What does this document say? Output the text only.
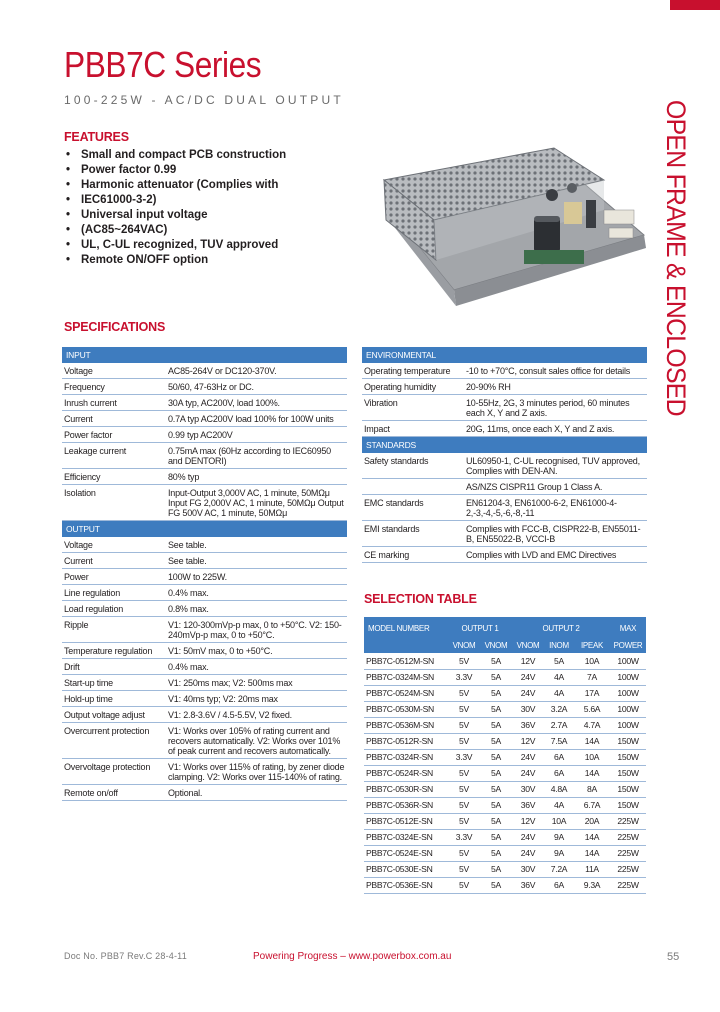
PBB7C Series
100-225W - AC/DC DUAL OUTPUT	OPEN FRAME & ENCLOSED
FEATURES
• Small and compact PCB construction
• Power factor 0.99
• Harmonic attenuator (Complies with
• IEC61000-3-2)
• Universal input voltage
• (AC85~264VAC)
• UL, C-UL recognized, TUV approved
• Remote ON/OFF option
SPECIFICATIONS
INPUT	
Voltage	AC85-264V or DC120-370V.
Frequency	50/60, 47-63Hz or DC.
Inrush current	30A typ, AC200V, load 100%.
Current	0.7A typ AC200V load 100% for 100W units
Power factor	0.99 typ AC200V
Leakage current	0.75mA max (60Hz according to IEC60950 and DENTORI)
Efficiency	80% typ
Isolation	Input-Output 3,000V AC, 1 minute, 50MΩμ Input FG 2,000V AC, 1 minute, 50MΩμ Output FG 500V AC, 1 minute, 50MΩμ
OUTPUT	
Voltage	See table.
Current	See table.
Power	100W to 225W.
Line regulation	0.4% max.
Load regulation	0.8% max.
Ripple	V1: 120-300mVp-p max, 0 to +50°C. V2: 150-240mVp-p max, 0 to +50°C.
Temperature regulation	V1: 50mV max, 0 to +50°C.
Drift	0.4% max.
Start-up time	V1: 250ms max; V2: 500ms max
Hold-up time	V1: 40ms typ; V2: 20ms max
Output voltage adjust	V1: 2.8-3.6V / 4.5-5.5V, V2 fixed.
Overcurrent protection	V1: Works over 105% of rating current and recovers automatically. V2: Works over 101% of peak current and recovers automatically.
Overvoltage protection	V1: Works over 115% of rating, by zener diode clamping. V2: Works over 115-140% of rating.
Remote on/off	Optional.
ENVIRONMENTAL	
Operating temperature	-10 to +70°C, consult sales office for details
Operating humidity	20-90% RH
Vibration	10-55Hz, 2G, 3 minutes period, 60 minutes each X, Y and Z axis.
Impact	20G, 11ms, once each X, Y and Z axis.
STANDARDS	
Safety standards	UL60950-1, C-UL recognised, TUV approved, Complies with DEN-AN.
	AS/NZS CISPR11 Group 1 Class A.
EMC standards	EN61204-3, EN61000-6-2, EN61000-4-2,-3,-4,-5,-6,-8,-11
EMI standards	Complies with FCC-B, CISPR22-B, EN55011-B, EN55022-B, VCCI-B
CE marking	Complies with LVD and EMC Directives
SELECTION TABLE
MODEL NUMBER	OUTPUT 1		OUTPUT 2			MAX
	VNOM	VNOM	VNOM	INOM	IPEAK	POWER
PBB7C-0512M-SN	5V	5A	12V	5A	10A	100W
PBB7C-0324M-SN	3.3V	5A	24V	4A	7A	100W
PBB7C-0524M-SN	5V	5A	24V	4A	17A	100W
PBB7C-0530M-SN	5V	5A	30V	3.2A	5.6A	100W
PBB7C-0536M-SN	5V	5A	36V	2.7A	4.7A	100W
PBB7C-0512R-SN	5V	5A	12V	7.5A	14A	150W
PBB7C-0324R-SN	3.3V	5A	24V	6A	10A	150W
PBB7C-0524R-SN	5V	5A	24V	6A	14A	150W
PBB7C-0530R-SN	5V	5A	30V	4.8A	8A	150W
PBB7C-0536R-SN	5V	5A	36V	4A	6.7A	150W
PBB7C-0512E-SN	5V	5A	12V	10A	20A	225W
PBB7C-0324E-SN	3.3V	5A	24V	9A	14A	225W
PBB7C-0524E-SN	5V	5A	24V	9A	14A	225W
PBB7C-0530E-SN	5V	5A	30V	7.2A	11A	225W
PBB7C-0536E-SN	5V	5A	36V	6A	9.3A	225W
Doc No. PBB7 Rev.C 28-4-11	Powering Progress – www.powerbox.com.au	55
